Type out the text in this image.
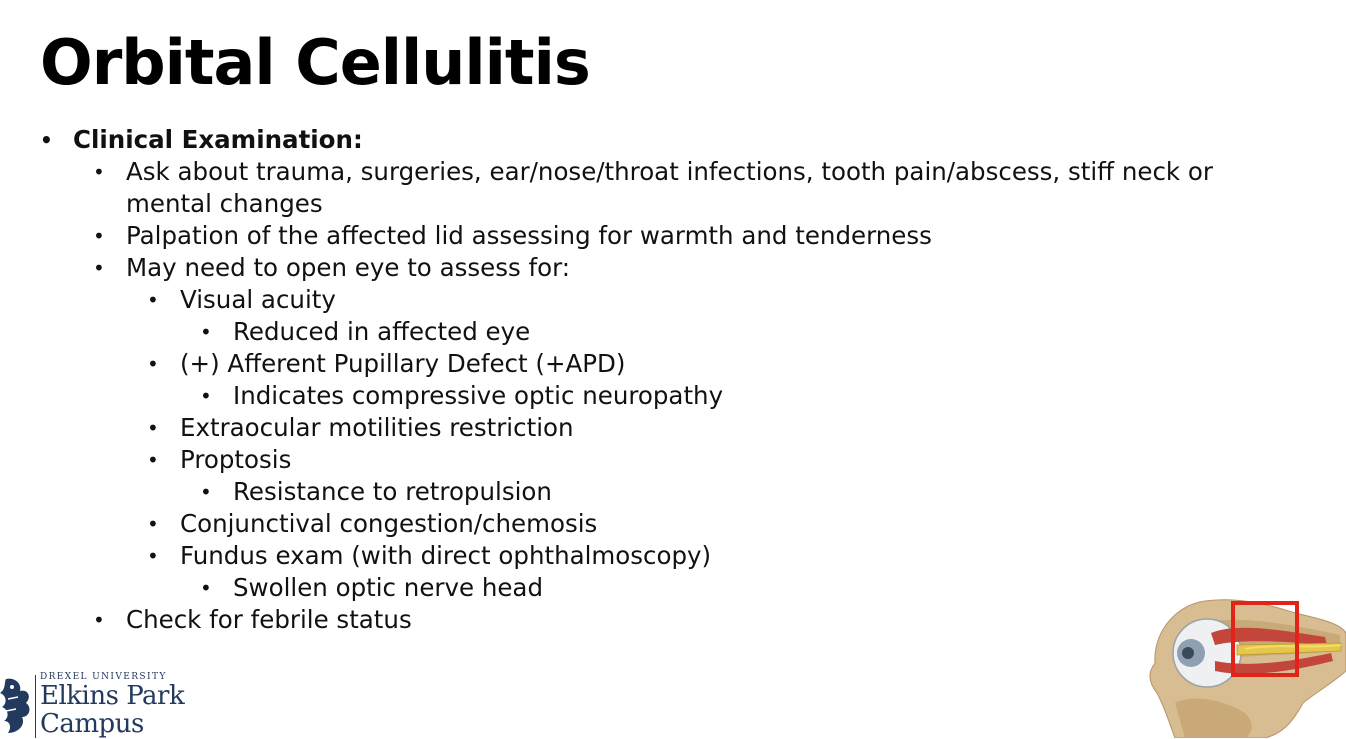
Orbital Cellulitis
• Clinical Examination:
• Ask about trauma, surgeries, ear/nose/throat infections, tooth pain/abscess, stiff neck or mental changes
• Palpation of the affected lid assessing for warmth and tenderness
• May need to open eye to assess for:
• Visual acuity
• Reduced in affected eye
• (+) Afferent Pupillary Defect (+APD)
• Indicates compressive optic neuropathy
• Extraocular motilities restriction
• Proptosis
• Resistance to retropulsion
• Conjunctival congestion/chemosis
• Fundus exam (with direct ophthalmoscopy)
• Swollen optic nerve head
• Check for febrile status
DREXEL UNIVERSITY
Elkins Park
Campus
